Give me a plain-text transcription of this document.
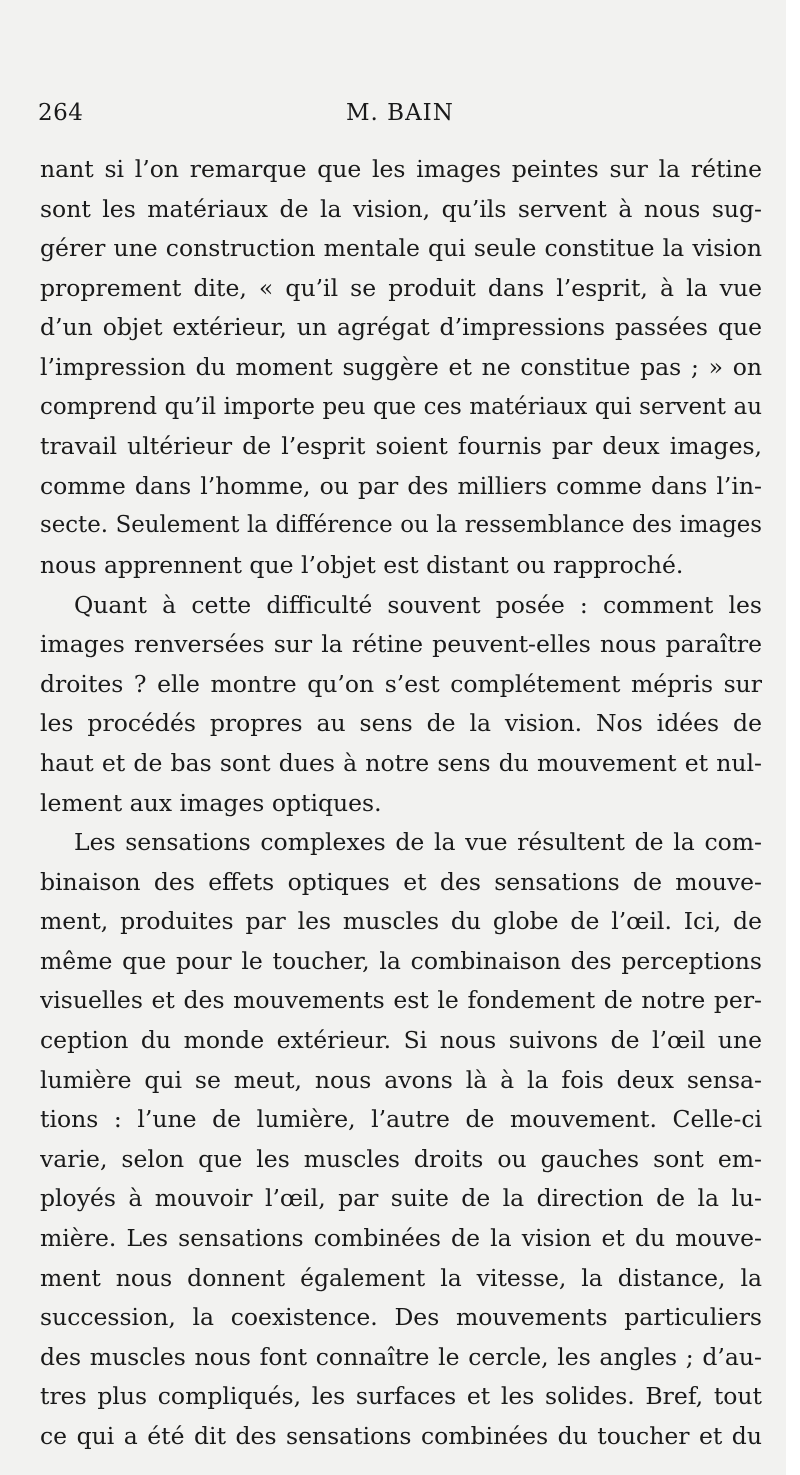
264	M. BAIN
nant si l’on remarque que les images peintes sur la rétine
sont les matériaux de la vision, qu’ils servent à nous sug-
gérer une construction mentale qui seule constitue la vision
proprement dite, « qu’il se produit dans l’esprit, à la vue
d’un objet extérieur, un agrégat d’impressions passées que
l’impression du moment suggère et ne constitue pas ; » on
comprend qu’il importe peu que ces matériaux qui servent au
travail ultérieur de l’esprit soient fournis par deux images,
comme dans l’homme, ou par des milliers comme dans l’in-
secte. Seulement la différence ou la ressemblance des images
nous apprennent que l’objet est distant ou rapproché.
Quant à cette difficulté souvent posée : comment les
images renversées sur la rétine peuvent-elles nous paraître
droites ? elle montre qu’on s’est complétement mépris sur
les procédés propres au sens de la vision. Nos idées de
haut et de bas sont dues à notre sens du mouvement et nul-
lement aux images optiques.
Les sensations complexes de la vue résultent de la com-
binaison des effets optiques et des sensations de mouve-
ment, produites par les muscles du globe de l’œil. Ici, de
même que pour le toucher, la combinaison des perceptions
visuelles et des mouvements est le fondement de notre per-
ception du monde extérieur. Si nous suivons de l’œil une
lumière qui se meut, nous avons là à la fois deux sensa-
tions : l’une de lumière, l’autre de mouvement. Celle-ci
varie, selon que les muscles droits ou gauches sont em-
ployés à mouvoir l’œil, par suite de la direction de la lu-
mière. Les sensations combinées de la vision et du mouve-
ment nous donnent également la vitesse, la distance, la
succession, la coexistence. Des mouvements particuliers
des muscles nous font connaître le cercle, les angles ; d’au-
tres plus compliqués, les surfaces et les solides. Bref, tout
ce qui a été dit des sensations combinées du toucher et du
